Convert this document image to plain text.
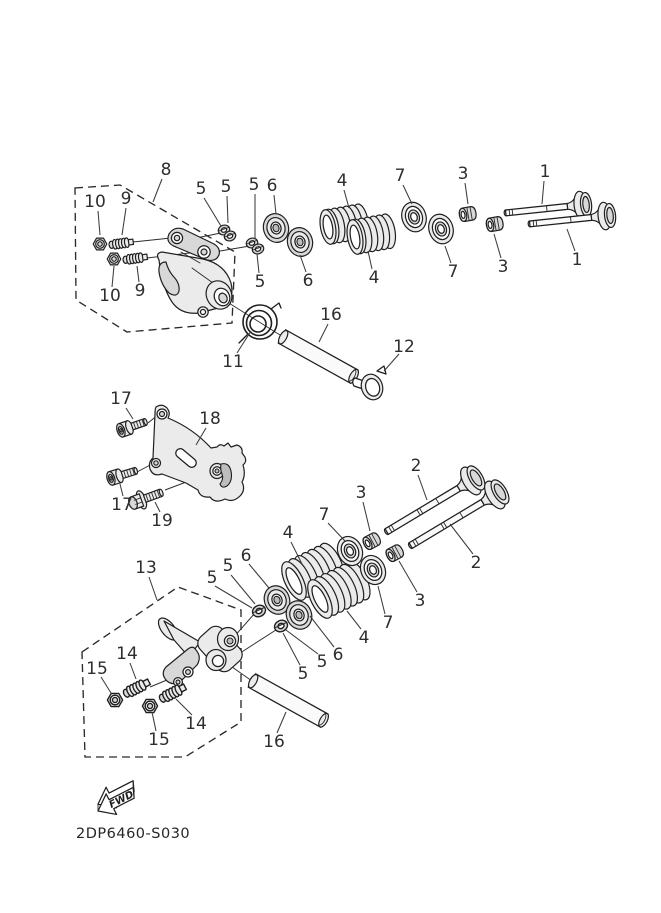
FWD
2DP6460-S030
8
10 9	5 5 5 6	4	7	3	1
1
3
7
4
6
5
10 9
11
16
12
17
18
17
19
2
3
7
4
2
3
7
4
6
13
6
5
5
5
5
14
15
14
15	16
